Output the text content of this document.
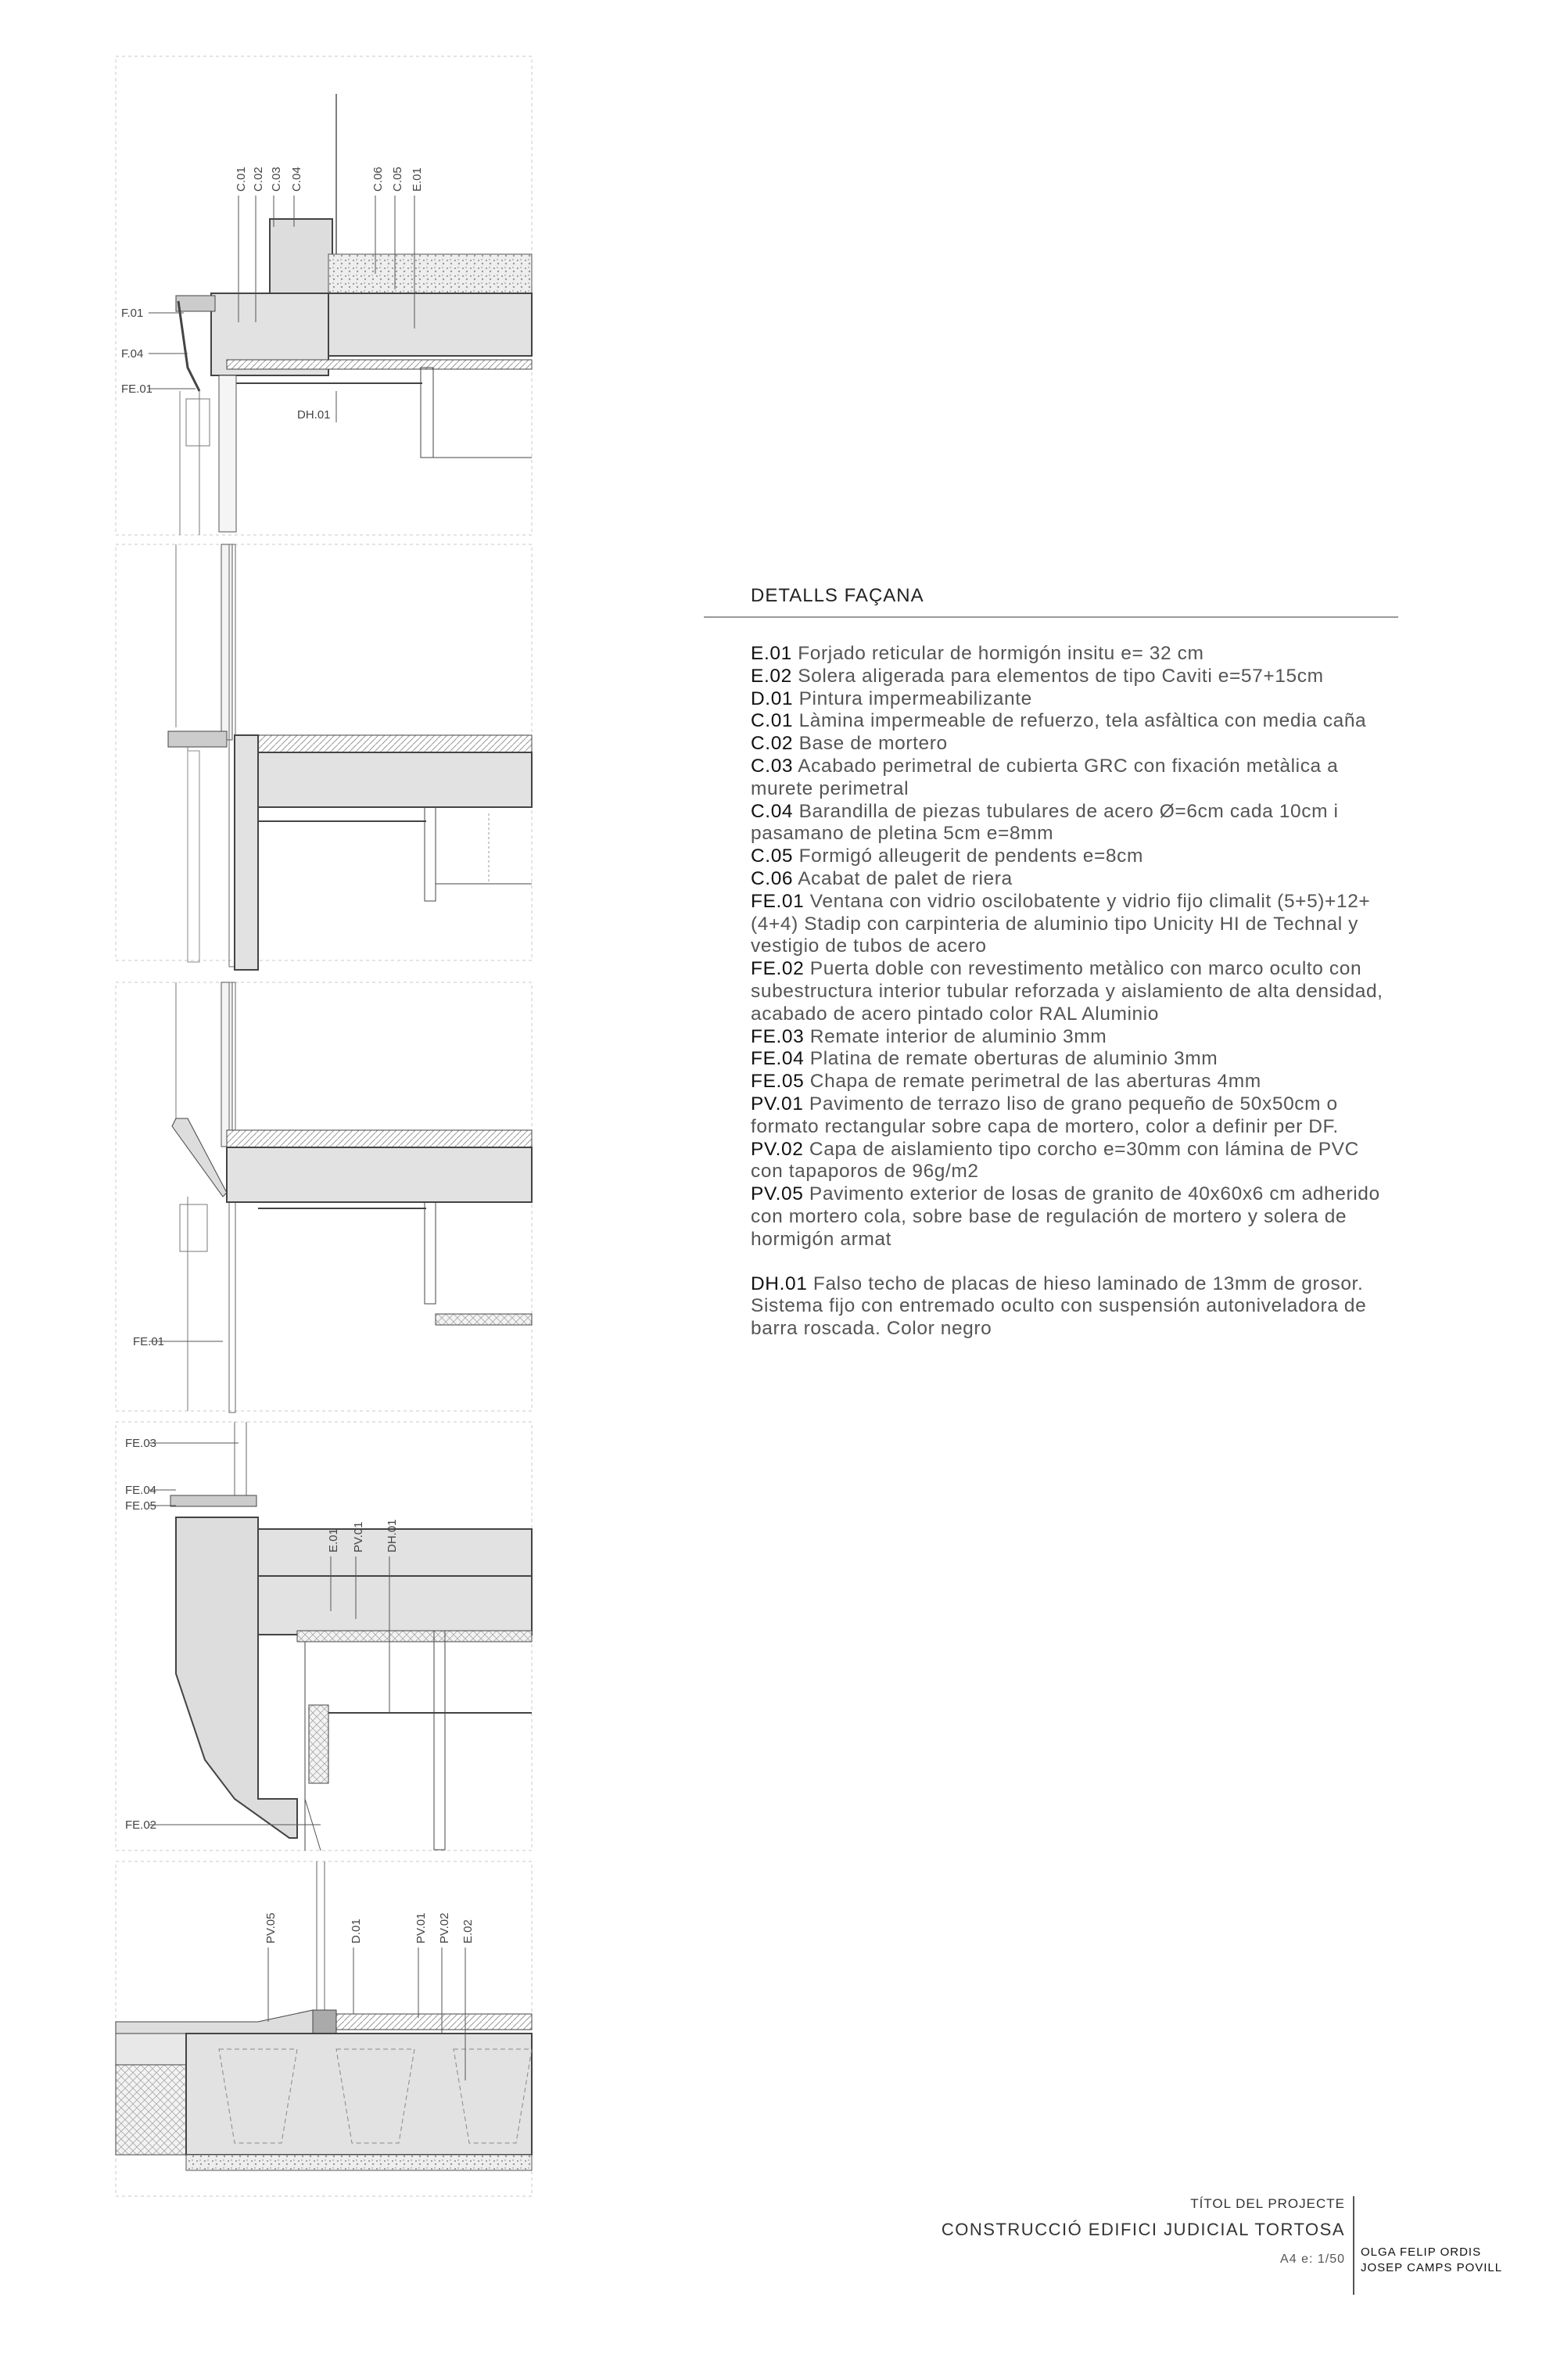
C.01 C.02 C.03 C.04	C.06 C.05 E.01
F.01
F.04
FE.01
DH.01
FE.01
FE.03
FE.04
FE.05
E.01 PV.01 DH.01
FE.02
PV.05	D.01	PV.01 PV.02 E.02
DETALLS FAÇANA

E.01 Forjado reticular de hormigón insitu e= 32 cm

E.02 Solera aligerada para elementos de tipo Caviti e=57+15cm

D.01 Pintura impermeabilizante

C.01 Làmina impermeable de refuerzo, tela asfàltica con media caña

C.02 Base de mortero

C.03 Acabado perimetral de cubierta GRC con fixación metàlica a murete perimetral

C.04 Barandilla de piezas tubulares de acero Ø=6cm cada 10cm i pasamano de pletina 5cm e=8mm

C.05 Formigó alleugerit de pendents e=8cm

C.06 Acabat de palet de riera

FE.01 Ventana con vidrio oscilobatente y vidrio fijo climalit (5+5)+12+(4+4) Stadip con carpinteria de aluminio tipo Unicity HI de Technal y vestigio de tubos de acero

FE.02 Puerta doble con revestimento metàlico con marco oculto con subestructura interior tubular reforzada y aislamiento de alta densidad, acabado de acero pintado color RAL Aluminio

FE.03 Remate interior de aluminio 3mm

FE.04 Platina de remate oberturas de aluminio 3mm

FE.05 Chapa de remate perimetral de las aberturas 4mm

PV.01 Pavimento de terrazo liso de grano pequeño de 50x50cm o formato rectangular sobre capa de mortero, color a definir per DF.

PV.02 Capa de aislamiento tipo corcho e=30mm con lámina de PVC con tapaporos de 96g/m2

PV.05 Pavimento exterior de losas de granito de 40x60x6 cm adherido con mortero cola, sobre base de regulación de mortero y solera de hormigón armat

DH.01 Falso techo de placas de hieso laminado de 13mm de grosor. Sistema fijo con entremado oculto con suspensión autoniveladora de barra roscada. Color negro

TÍTOL DEL PROJECTE
CONSTRUCCIÓ EDIFICI JUDICIAL TORTOSA
A4 e: 1/50
OLGA FELIP ORDIS
JOSEP CAMPS POVILL
